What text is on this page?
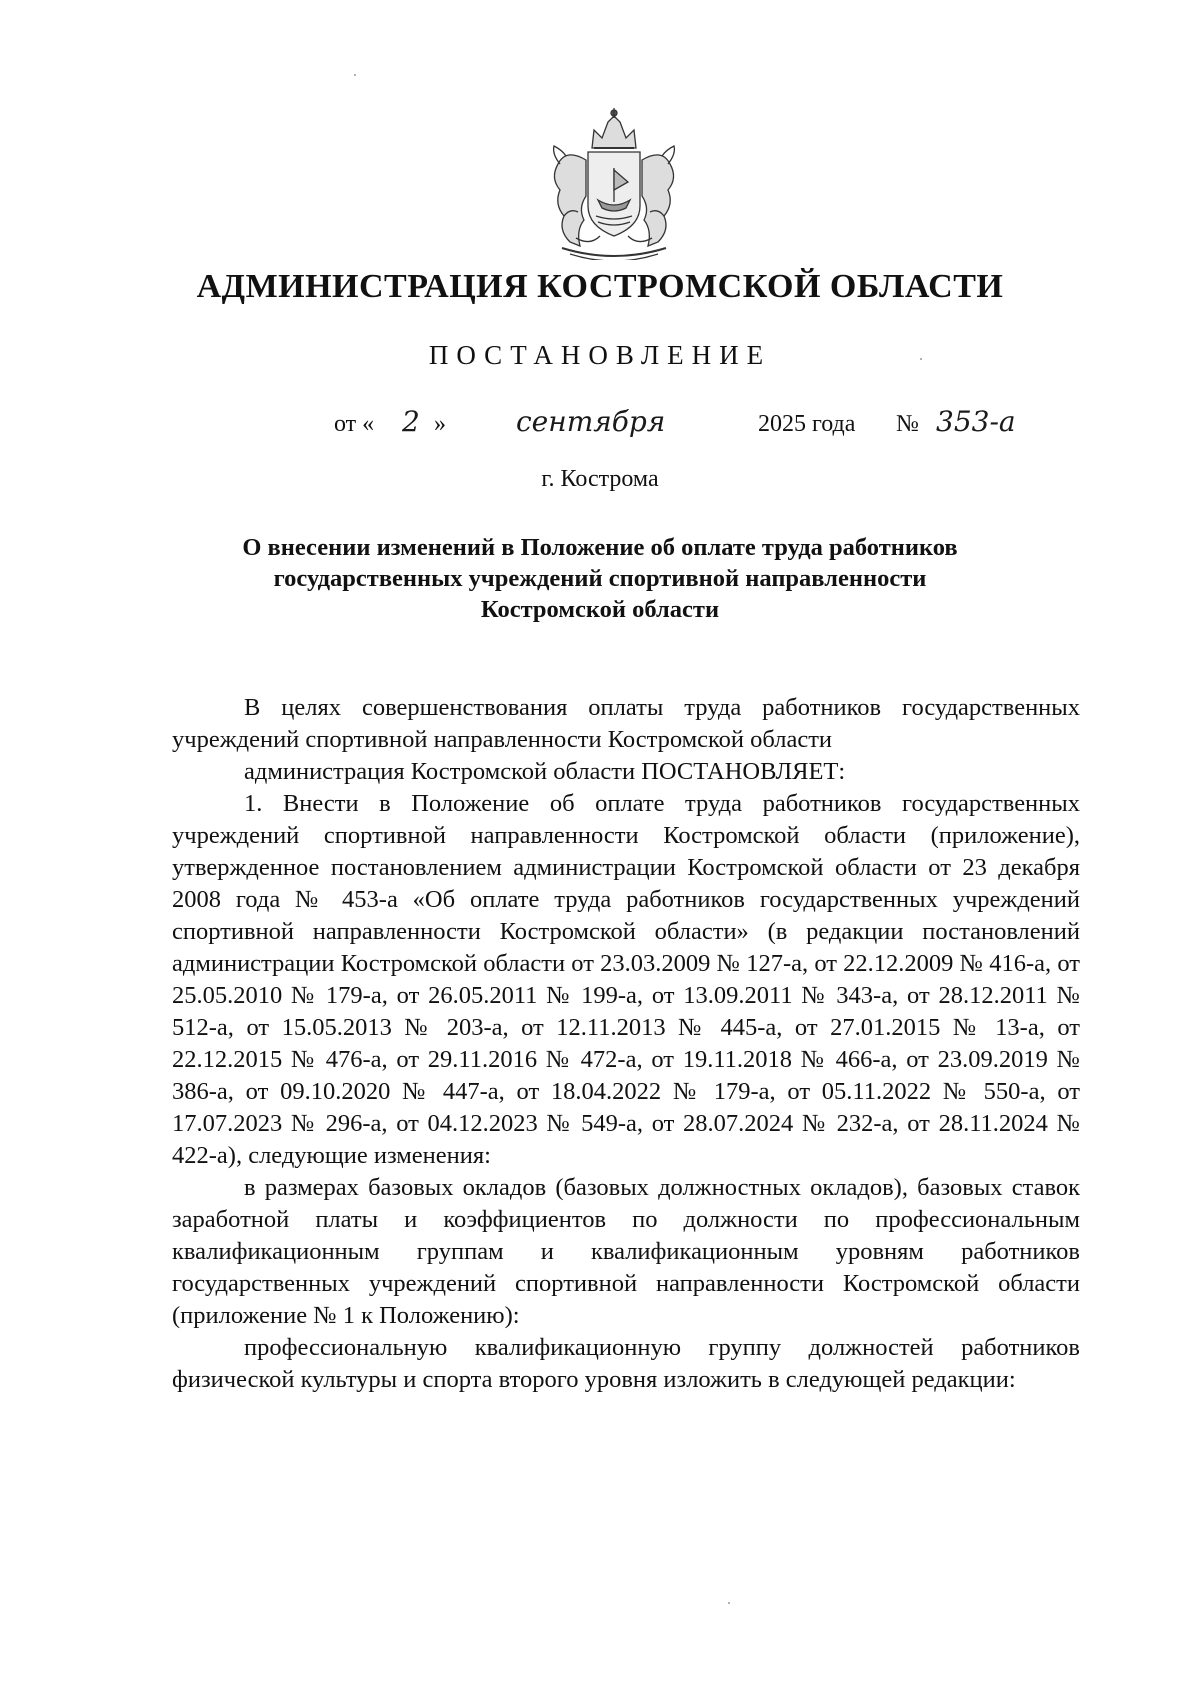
АДМИНИСТРАЦИЯ КОСТРОМСКОЙ ОБЛАСТИ
ПОСТАНОВЛЕНИЕ
от « 2 »	сентября	2025 года № 353-а
г. Кострома
О внесении изменений в Положение об оплате труда работников
государственных учреждений спортивной направленности
Костромской области

В целях совершенствования оплаты труда работников государственных учреждений спортивной направленности Костромской области

администрация Костромской области ПОСТАНОВЛЯЕТ:

1. Внести в Положение об оплате труда работников государственных учреждений спортивной направленности Костромской области (приложение), утвержденное постановлением администрации Костромской области от 23 декабря 2008 года № 453-а «Об оплате труда работников государственных учреждений спортивной направленности Костромской области» (в редакции постановлений администрации Костромской области от 23.03.2009 № 127-а, от 22.12.2009 № 416-а, от 25.05.2010 № 179-а, от 26.05.2011 № 199-а, от 13.09.2011 № 343-а, от 28.12.2011 № 512-а, от 15.05.2013 № 203-а, от 12.11.2013 № 445-а, от 27.01.2015 № 13-а, от 22.12.2015 № 476-а, от 29.11.2016 № 472-а, от 19.11.2018 № 466-а, от 23.09.2019 № 386-а, от 09.10.2020 № 447-а, от 18.04.2022 № 179-а, от 05.11.2022 № 550-а, от 17.07.2023 № 296-а, от 04.12.2023 № 549-а, от 28.07.2024 № 232-а, от 28.11.2024 № 422-а), следующие изменения:

в размерах базовых окладов (базовых должностных окладов), базовых ставок заработной платы и коэффициентов по должности по профессиональным квалификационным группам и квалификационным уровням работников государственных учреждений спортивной направленности Костромской области (приложение № 1 к Положению):

профессиональную квалификационную группу должностей работников физической культуры и спорта второго уровня изложить в следующей редакции:
